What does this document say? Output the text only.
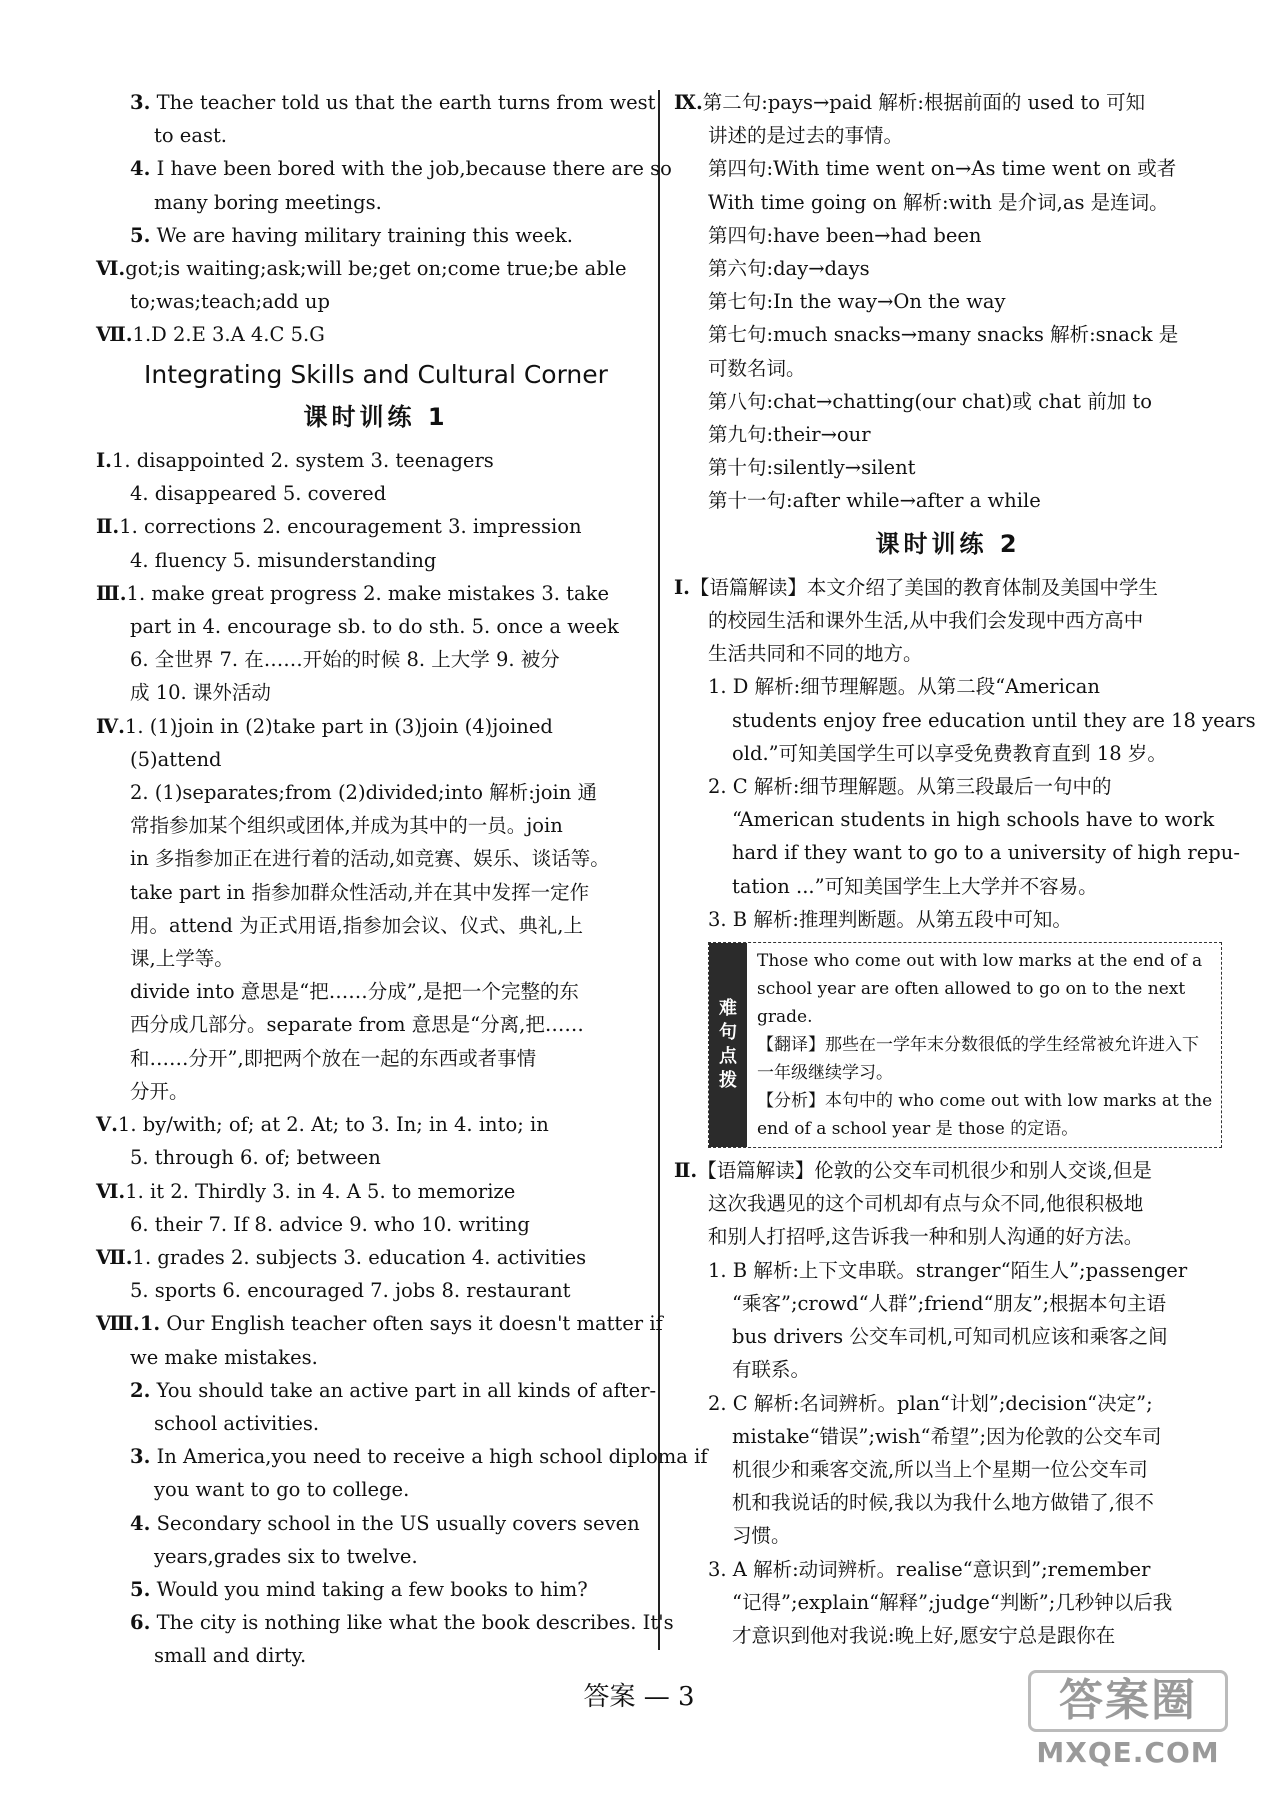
3. The teacher told us that the earth turns from west
to east.
4. I have been bored with the job,because there are so
many boring meetings.
5. We are having military training this week.
Ⅵ.got;is waiting;ask;will be;get on;come true;be able
to;was;teach;add up
Ⅶ.1.D 2.E 3.A 4.C 5.G
Integrating Skills and Cultural Corner
课时训练 1
Ⅰ.1. disappointed 2. system 3. teenagers
4. disappeared 5. covered
Ⅱ.1. corrections 2. encouragement 3. impression
4. fluency 5. misunderstanding
Ⅲ.1. make great progress 2. make mistakes 3. take
part in 4. encourage sb. to do sth. 5. once a week
6. 全世界 7. 在……开始的时候 8. 上大学 9. 被分
成 10. 课外活动
Ⅳ.1. (1)join in (2)take part in (3)join (4)joined
(5)attend
2. (1)separates;from (2)divided;into 解析:join 通
常指参加某个组织或团体,并成为其中的一员。join
in 多指参加正在进行着的活动,如竞赛、娱乐、谈话等。
take part in 指参加群众性活动,并在其中发挥一定作
用。attend 为正式用语,指参加会议、仪式、典礼,上
课,上学等。
divide into 意思是“把……分成”,是把一个完整的东
西分成几部分。separate from 意思是“分离,把……
和……分开”,即把两个放在一起的东西或者事情
分开。
Ⅴ.1. by/with; of; at 2. At; to 3. In; in 4. into; in
5. through 6. of; between
Ⅵ.1. it 2. Thirdly 3. in 4. A 5. to memorize
6. their 7. If 8. advice 9. who 10. writing
Ⅶ.1. grades 2. subjects 3. education 4. activities
5. sports 6. encouraged 7. jobs 8. restaurant
Ⅷ.1. Our English teacher often says it doesn't matter if
we make mistakes.
2. You should take an active part in all kinds of after-
school activities.
3. In America,you need to receive a high school diploma if
you want to go to college.
4. Secondary school in the US usually covers seven
years,grades six to twelve.
5. Would you mind taking a few books to him?
6. The city is nothing like what the book describes. It's
small and dirty.
Ⅸ.第二句:pays→paid 解析:根据前面的 used to 可知
讲述的是过去的事情。
第四句:With time went on→As time went on 或者
With time going on 解析:with 是介词,as 是连词。
第四句:have been→had been
第六句:day→days
第七句:In the way→On the way
第七句:much snacks→many snacks 解析:snack 是
可数名词。
第八句:chat→chatting(our chat)或 chat 前加 to
第九句:their→our
第十句:silently→silent
第十一句:after while→after a while
课时训练 2
Ⅰ.【语篇解读】本文介绍了美国的教育体制及美国中学生
的校园生活和课外生活,从中我们会发现中西方高中
生活共同和不同的地方。
1. D 解析:细节理解题。从第二段“American
students enjoy free education until they are 18 years
old.”可知美国学生可以享受免费教育直到 18 岁。
2. C 解析:细节理解题。从第三段最后一句中的
“American students in high schools have to work
hard if they want to go to a university of high repu-
tation ...”可知美国学生上大学并不容易。
3. B 解析:推理判断题。从第五段中可知。
难
句
点
拨
Those who come out with low marks at the end of a school year are often allowed to go on to the next grade.
【翻译】那些在一学年末分数很低的学生经常被允许进入下一年级继续学习。
【分析】本句中的 who come out with low marks at the end of a school year 是 those 的定语。
Ⅱ.【语篇解读】伦敦的公交车司机很少和别人交谈,但是
这次我遇见的这个司机却有点与众不同,他很积极地
和别人打招呼,这告诉我一种和别人沟通的好方法。
1. B 解析:上下文串联。stranger“陌生人”;passenger
“乘客”;crowd“人群”;friend“朋友”;根据本句主语
bus drivers 公交车司机,可知司机应该和乘客之间
有联系。
2. C 解析:名词辨析。plan“计划”;decision“决定”;
mistake“错误”;wish“希望”;因为伦敦的公交车司
机很少和乘客交流,所以当上个星期一位公交车司
机和我说话的时候,我以为我什么地方做错了,很不
习惯。
3. A 解析:动词辨析。realise“意识到”;remember
“记得”;explain“解释”;judge“判断”;几秒钟以后我
才意识到他对我说:晚上好,愿安宁总是跟你在
答案 — 3	答案圈
MXQE.COM
